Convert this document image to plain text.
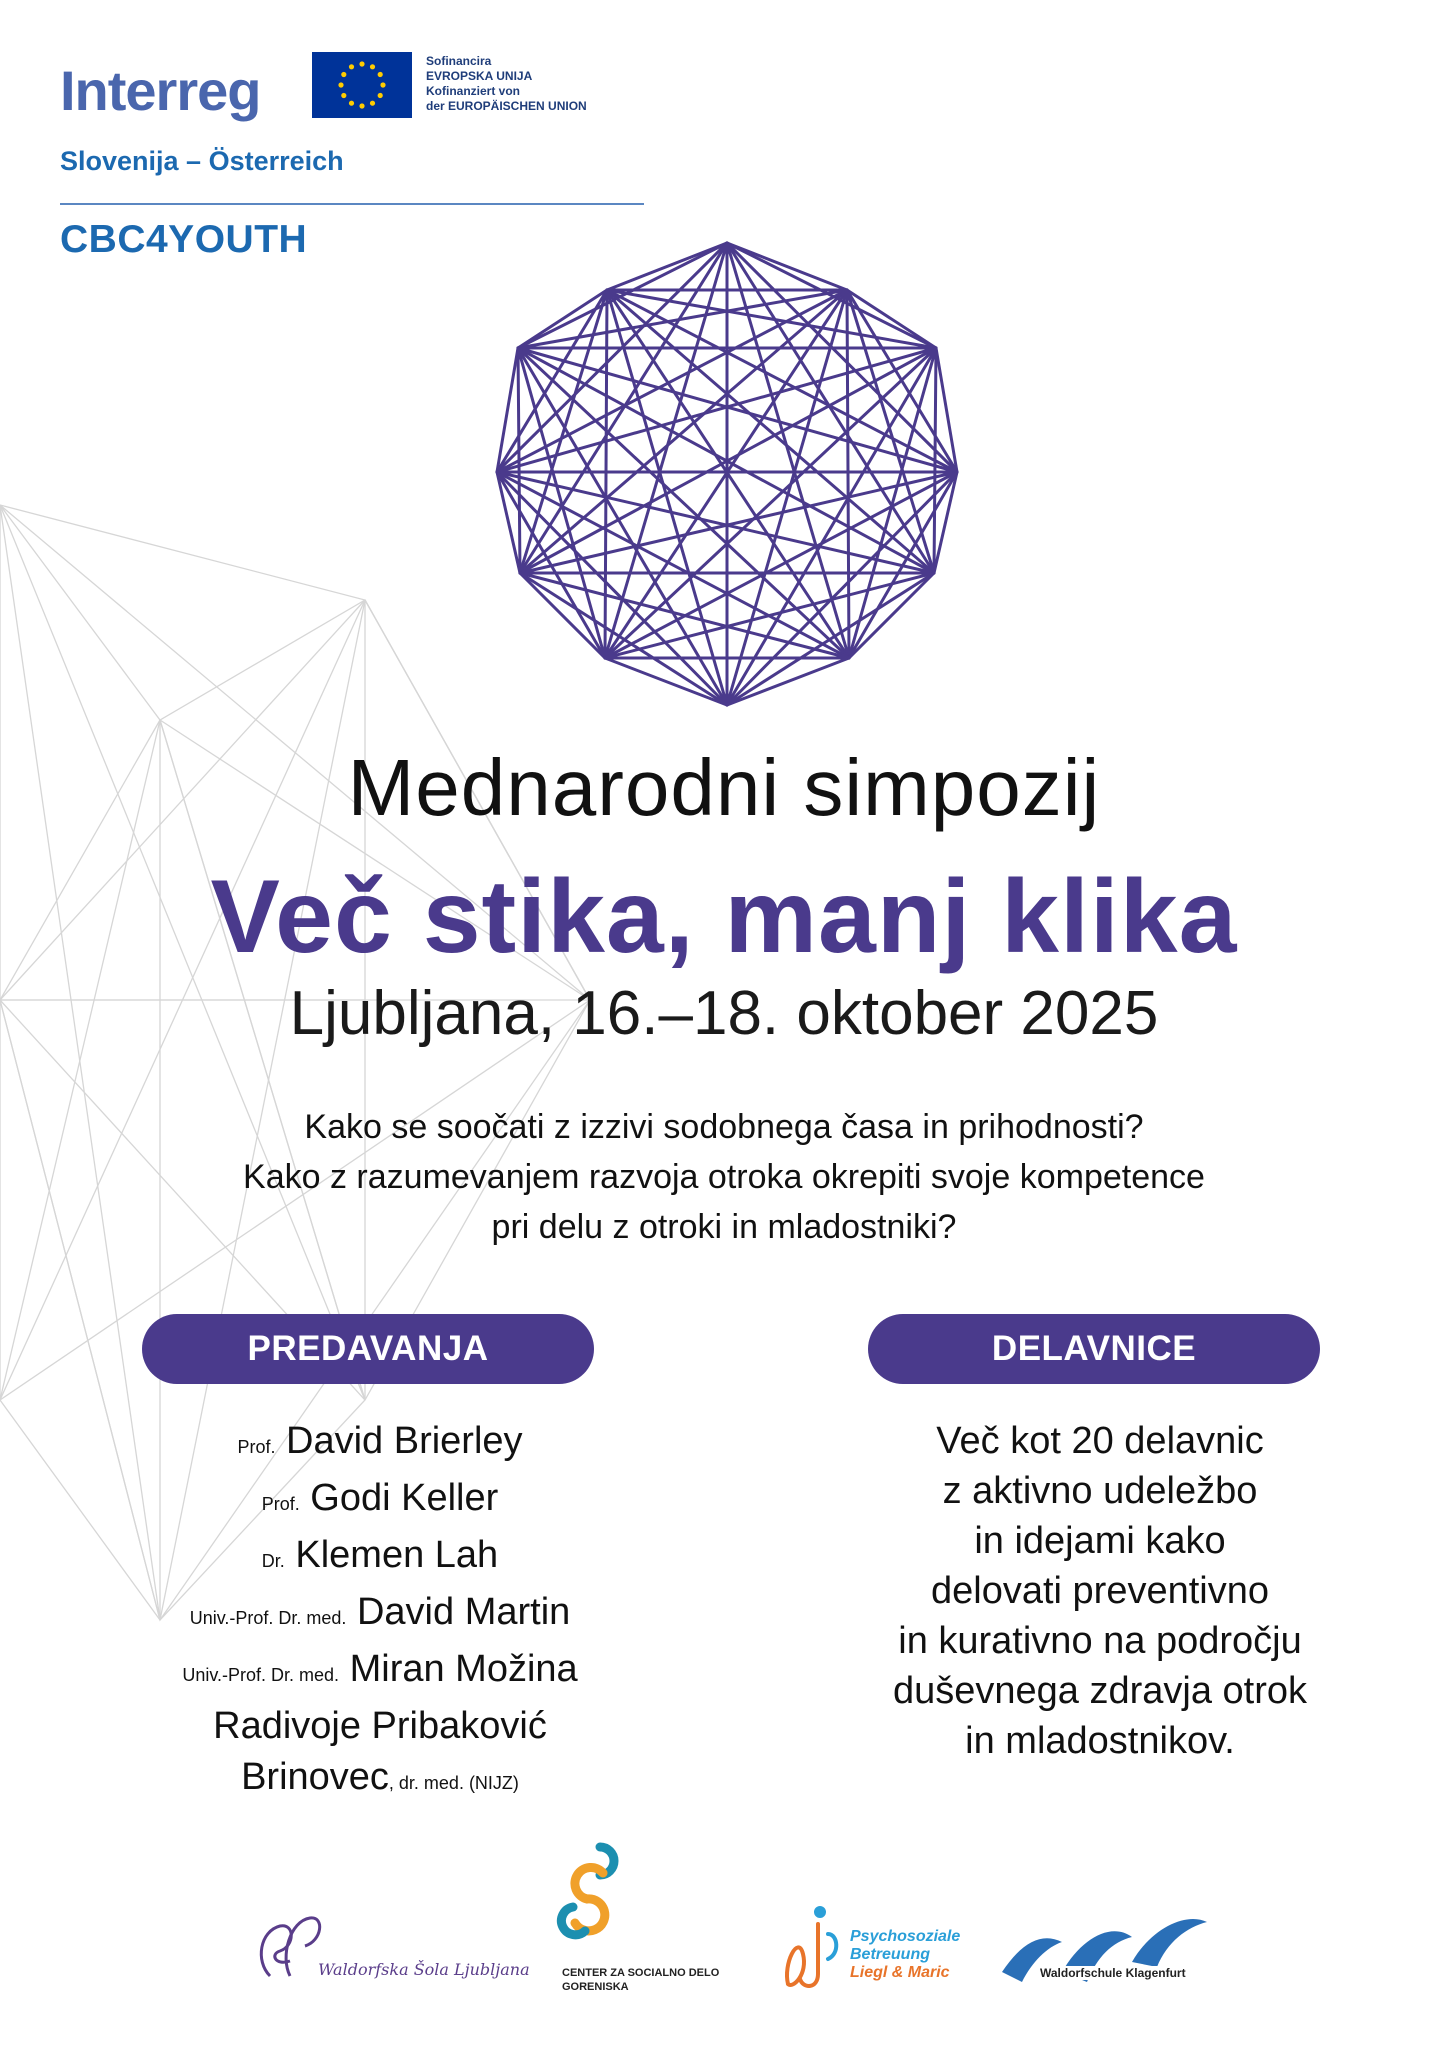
Interreg	Sofinancira
EVROPSKA UNIJA
Kofinanziert von
der EUROPÄISCHEN UNION
Slovenija – Österreich
CBC4YOUTH
Mednarodni simpozij
Več stika, manj klika
Ljubljana, 16.–18. oktober 2025
Kako se soočati z izzivi sodobnega časa in prihodnosti?
Kako z razumevanjem razvoja otroka okrepiti svoje kompetence
pri delu z otroki in mladostniki?
PREDAVANJA	DELAVNICE
Prof. David Brierley
Prof. Godi Keller
Dr. Klemen Lah
Univ.-Prof. Dr. med. David Martin
Univ.-Prof. Dr. med. Miran Možina
Radivoje Pribaković
Brinovec, dr. med. (NIJZ)
Več kot 20 delavnic
z aktivno udeležbo
in idejami kako
delovati preventivno
in kurativno na področju
duševnega zdravja otrok
in mladostnikov.
Waldorfska Šola Ljubljana	CENTER ZA SOCIALNO DELO
GORENISKA
Psychosoziale
Betreuung
Liegl & Maric	Waldorfschule Klagenfurt
